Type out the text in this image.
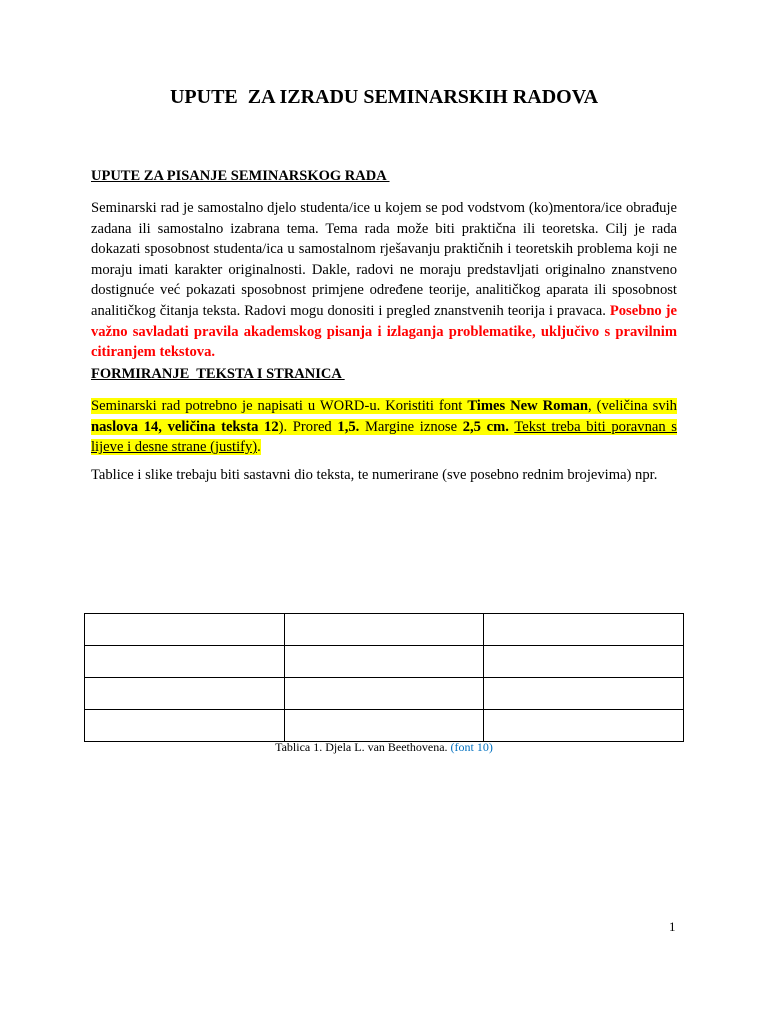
UPUTE  ZA IZRADU SEMINARSKIH RADOVA
UPUTE ZA PISANJE SEMINARSKOG RADA
Seminarski rad je samostalno djelo studenta/ice u kojem se pod vodstvom (ko)mentora/ice obrađuje zadana ili samostalno izabrana tema. Tema rada može biti praktična ili teoretska. Cilj je rada dokazati sposobnost studenta/ica u samostalnom rješavanju praktičnih i teoretskih problema koji ne moraju imati karakter originalnosti. Dakle, radovi ne moraju predstavljati originalno znanstveno dostignuće već pokazati sposobnost primjene određene teorije, analitičkog aparata ili sposobnost analitičkog čitanja teksta. Radovi mogu donositi i pregled znanstvenih teorija i pravaca. Posebno je važno savladati pravila akademskog pisanja i izlaganja problematike, uključivo s pravilnim citiranjem tekstova.
FORMIRANJE  TEKSTA I STRANICA
Seminarski rad potrebno je napisati u WORD-u. Koristiti font Times New Roman, (veličina svih naslova 14, veličina teksta 12). Prored 1,5. Margine iznose 2,5 cm. Tekst treba biti poravnan s lijeve i desne strane (justify).
Tablice i slike trebaju biti sastavni dio teksta, te numerirane (sve posebno rednim brojevima) npr.

Tablica 1. Djela L. van Beethovena. (font 10)
1
